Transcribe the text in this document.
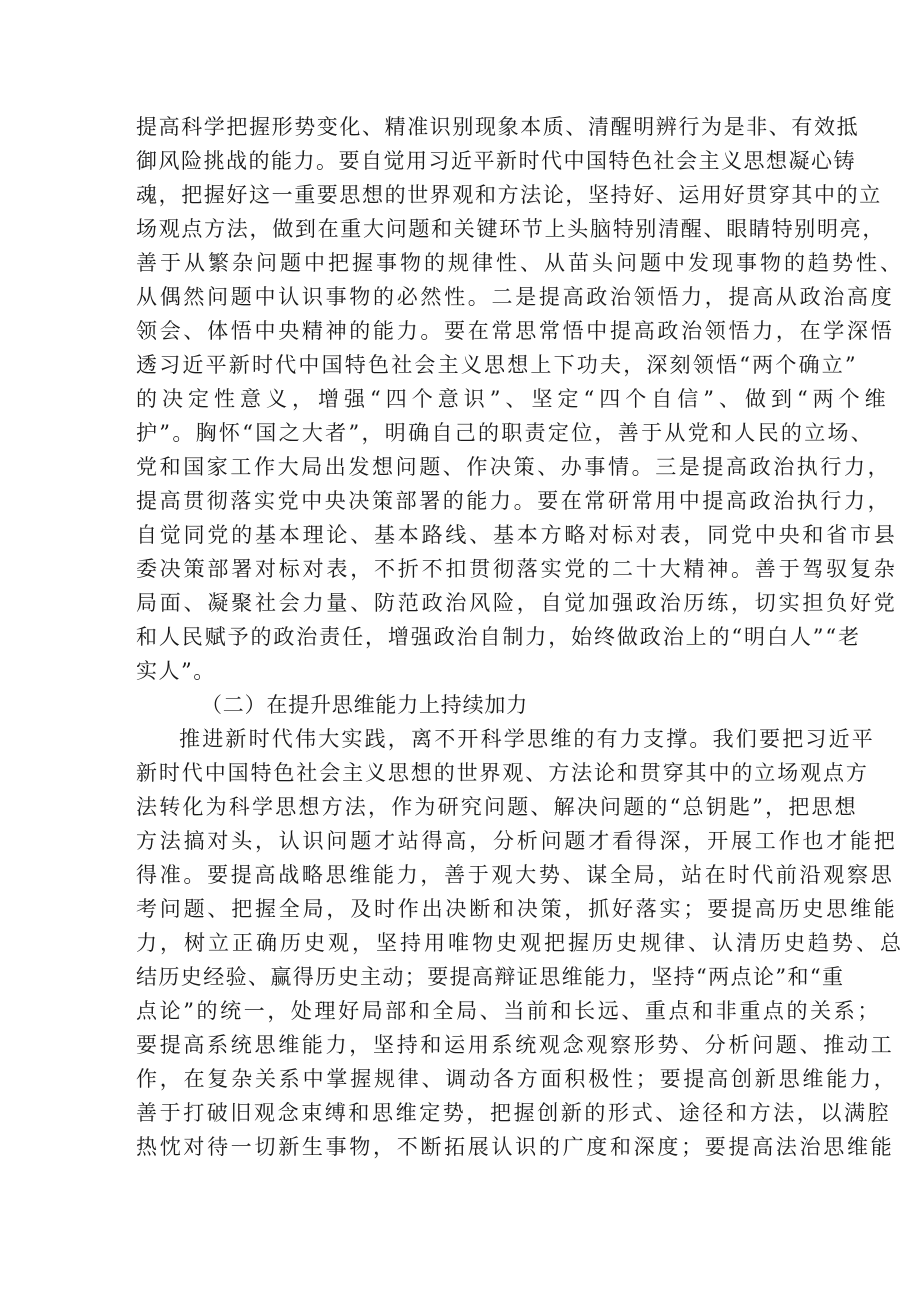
提高科学把握形势变化、精准识别现象本质、清醒明辨行为是非、有效抵
御风险挑战的能力。要自觉用习近平新时代中国特色社会主义思想凝心铸
魂，把握好这一重要思想的世界观和方法论，坚持好、运用好贯穿其中的立
场观点方法，做到在重大问题和关键环节上头脑特别清醒、眼睛特别明亮，
善于从繁杂问题中把握事物的规律性、从苗头问题中发现事物的趋势性、
从偶然问题中认识事物的必然性。二是提高政治领悟力，提高从政治高度
领会、体悟中央精神的能力。要在常思常悟中提高政治领悟力，在学深悟
透习近平新时代中国特色社会主义思想上下功夫，深刻领悟“两个确立”
的决定性意义，增强“四个意识”、坚定“四个自信”、做到“两个维
护”。胸怀“国之大者”，明确自己的职责定位，善于从党和人民的立场、
党和国家工作大局出发想问题、作决策、办事情。三是提高政治执行力，
提高贯彻落实党中央决策部署的能力。要在常研常用中提高政治执行力，
自觉同党的基本理论、基本路线、基本方略对标对表，同党中央和省市县
委决策部署对标对表，不折不扣贯彻落实党的二十大精神。善于驾驭复杂
局面、凝聚社会力量、防范政治风险，自觉加强政治历练，切实担负好党
和人民赋予的政治责任，增强政治自制力，始终做政治上的“明白人”“老
实人”。
（二）在提升思维能力上持续加力
推进新时代伟大实践，离不开科学思维的有力支撑。我们要把习近平
新时代中国特色社会主义思想的世界观、方法论和贯穿其中的立场观点方
法转化为科学思想方法，作为研究问题、解决问题的“总钥匙”，把思想
方法搞对头，认识问题才站得高，分析问题才看得深，开展工作也才能把
得准。要提高战略思维能力，善于观大势、谋全局，站在时代前沿观察思
考问题、把握全局，及时作出决断和决策，抓好落实；要提高历史思维能
力，树立正确历史观，坚持用唯物史观把握历史规律、认清历史趋势、总
结历史经验、赢得历史主动；要提高辩证思维能力，坚持“两点论”和“重
点论”的统一，处理好局部和全局、当前和长远、重点和非重点的关系；
要提高系统思维能力，坚持和运用系统观念观察形势、分析问题、推动工
作，在复杂关系中掌握规律、调动各方面积极性；要提高创新思维能力，
善于打破旧观念束缚和思维定势，把握创新的形式、途径和方法，以满腔
热忱对待一切新生事物，不断拓展认识的广度和深度；要提高法治思维能
